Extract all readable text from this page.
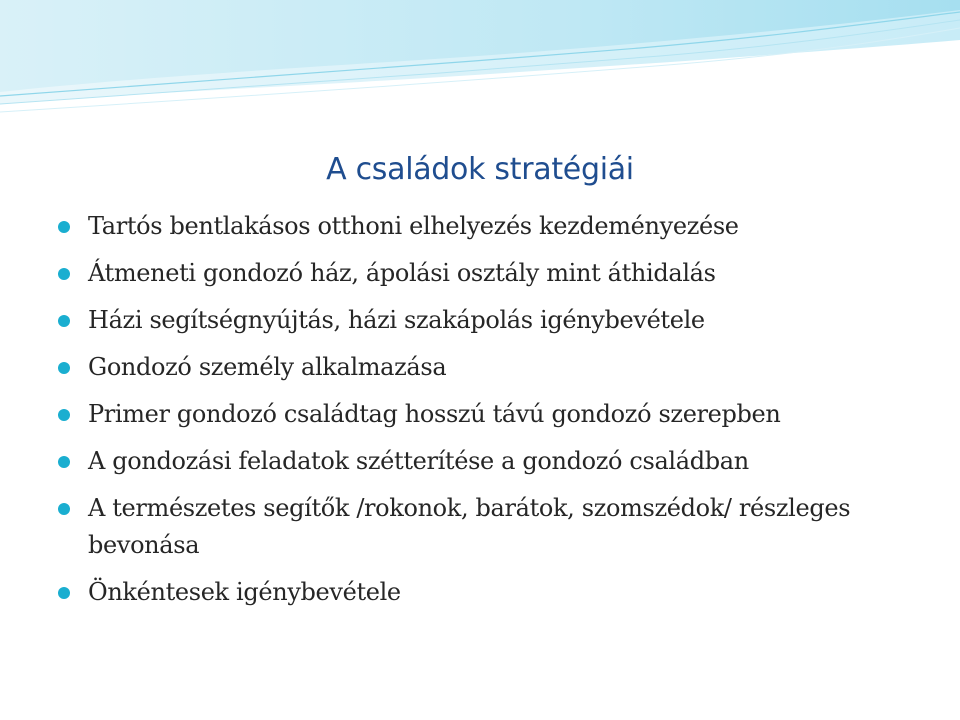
A családok stratégiái
Tartós bentlakásos otthoni elhelyezés kezdeményezése
Átmeneti gondozó ház, ápolási osztály mint áthidalás
Házi segítségnyújtás, házi szakápolás igénybevétele
Gondozó személy alkalmazása
Primer gondozó családtag hosszú távú gondozó szerepben
A gondozási feladatok szétterítése a gondozó családban
A természetes segítők /rokonok, barátok, szomszédok/ részleges bevonása
Önkéntesek igénybevétele
